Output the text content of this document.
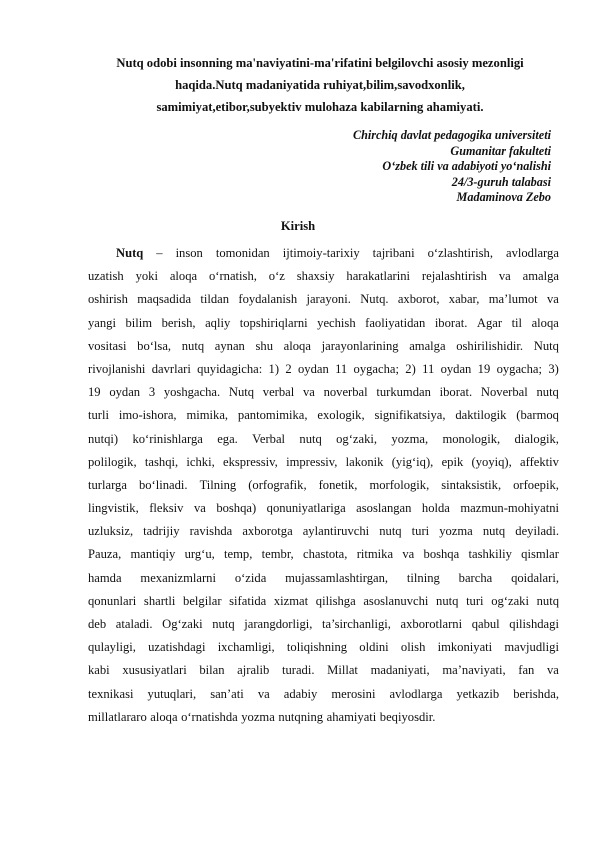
Nutq odobi insonning ma'naviyatini-ma'rifatini belgilovchi asosiy mezonligi
haqida.Nutq madaniyatida ruhiyat,bilim,savodxonlik,
samimiyat,etibor,subyektiv mulohaza kabilarning ahamiyati.
Chirchiq davlat pedagogika universiteti
Gumanitar fakulteti
O‘zbek tili va adabiyoti yo‘nalishi
24/3-guruh talabasi
Madaminova Zebo
Kirish
Nutq – inson tomonidan ijtimoiy-tarixiy tajribani o‘zlashtirish, avlodlarga
uzatish yoki aloqa o‘rnatish, o‘z shaxsiy harakatlarini rejalashtirish va amalga
oshirish maqsadida tildan foydalanish jarayoni. Nutq. axborot, xabar, ma’lumot va
yangi bilim berish, aqliy topshiriqlarni yechish faoliyatidan iborat. Agar til aloqa
vositasi bo‘lsa, nutq aynan shu aloqa jarayonlarining amalga oshirilishidir. Nutq
rivojlanishi davrlari quyidagicha: 1) 2 oydan 11 oygacha; 2) 11 oydan 19 oygacha; 3)
19 oydan 3 yoshgacha. Nutq verbal va noverbal turkumdan iborat. Noverbal nutq
turli imo-ishora, mimika, pantomimika, exologik, signifikatsiya, daktilogik (barmoq
nutqi) ko‘rinishlarga ega. Verbal nutq og‘zaki, yozma, monologik, dialogik,
polilogik, tashqi, ichki, ekspressiv, impressiv, lakonik (yig‘iq), epik (yoyiq), affektiv
turlarga bo‘linadi. Tilning (orfografik, fonetik, morfologik, sintaksistik, orfoepik,
lingvistik, fleksiv va boshqa) qonuniyatlariga asoslangan holda mazmun-mohiyatni
uzluksiz, tadrijiy ravishda axborotga aylantiruvchi nutq turi yozma nutq deyiladi.
Pauza, mantiqiy urg‘u, temp, tembr, chastota, ritmika va boshqa tashkiliy qismlar
hamda mexanizmlarni o‘zida mujassamlashtirgan, tilning barcha qoidalari,
qonunlari shartli belgilar sifatida xizmat qilishga asoslanuvchi nutq turi og‘zaki nutq
deb ataladi. Og‘zaki nutq jarangdorligi, ta’sirchanligi, axborotlarni qabul qilishdagi
qulayligi, uzatishdagi ixchamligi, toliqishning oldini olish imkoniyati mavjudligi
kabi xususiyatlari bilan ajralib turadi. Millat madaniyati, ma’naviyati, fan va
texnikasi yutuqlari, san’ati va adabiy merosini avlodlarga yetkazib berishda,
millatlararo aloqa o‘rnatishda yozma nutqning ahamiyati beqiyosdir.
